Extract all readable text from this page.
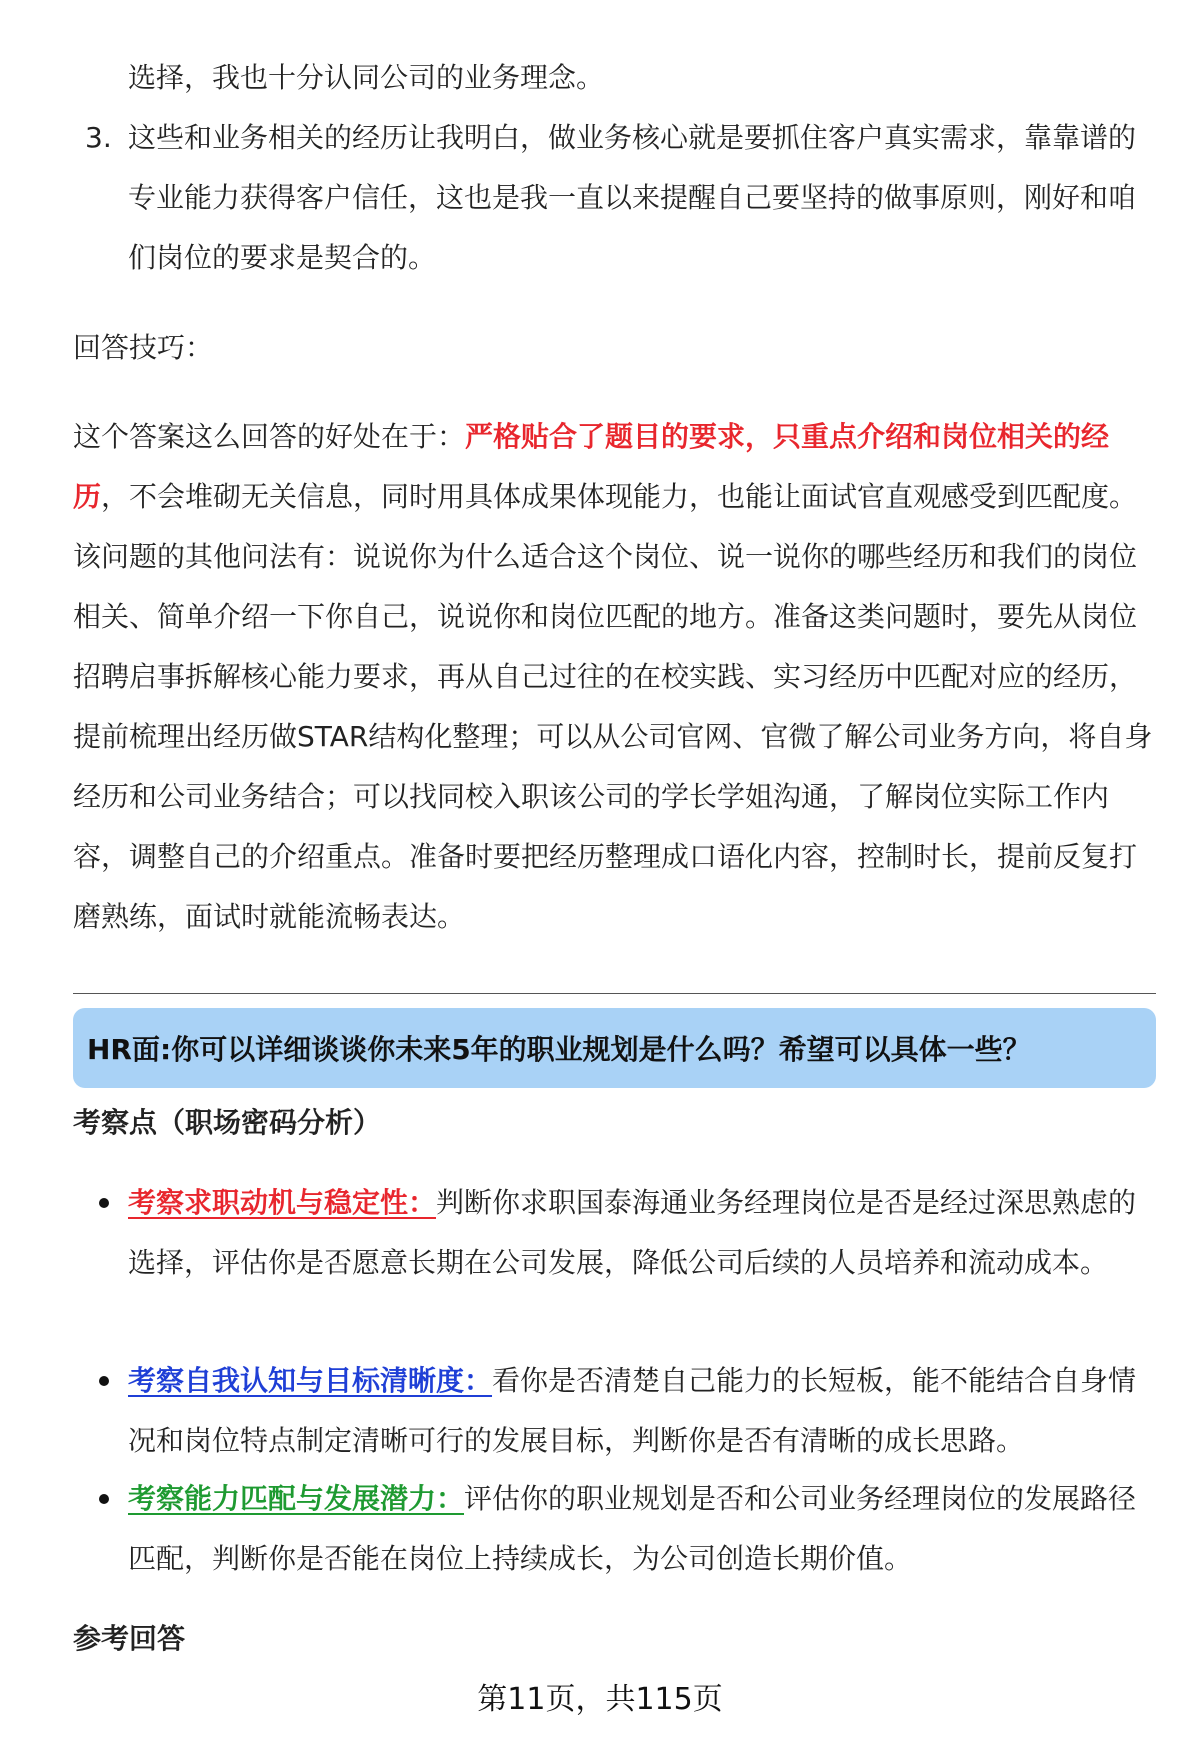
选择，我也十分认同公司的业务理念。
3. 这些和业务相关的经历让我明白，做业务核心就是要抓住客户真实需求，靠靠谱的专业能力获得客户信任，这也是我一直以来提醒自己要坚持的做事原则，刚好和咱们岗位的要求是契合的。
回答技巧：

这个答案这么回答的好处在于：严格贴合了题目的要求，只重点介绍和岗位相关的经历，不会堆砌无关信息，同时用具体成果体现能力，也能让面试官直观感受到匹配度。该问题的其他问法有：说说你为什么适合这个岗位、说一说你的哪些经历和我们的岗位相关、简单介绍一下你自己，说说你和岗位匹配的地方。准备这类问题时，要先从岗位招聘启事拆解核心能力要求，再从自己过往的在校实践、实习经历中匹配对应的经历，提前梳理出经历做STAR结构化整理；可以从公司官网、官微了解公司业务方向，将自身经历和公司业务结合；可以找同校入职该公司的学长学姐沟通，了解岗位实际工作内容，调整自己的介绍重点。准备时要把经历整理成口语化内容，控制时长，提前反复打磨熟练，面试时就能流畅表达。

HR面:你可以详细谈谈你未来5年的职业规划是什么吗？希望可以具体一些？
考察点（职场密码分析）
考察求职动机与稳定性：判断你求职国泰海通业务经理岗位是否是经过深思熟虑的选择，评估你是否愿意长期在公司发展，降低公司后续的人员培养和流动成本。
考察自我认知与目标清晰度：看你是否清楚自己能力的长短板，能不能结合自身情况和岗位特点制定清晰可行的发展目标，判断你是否有清晰的成长思路。
考察能力匹配与发展潜力：评估你的职业规划是否和公司业务经理岗位的发展路径匹配，判断你是否能在岗位上持续成长，为公司创造长期价值。
参考回答
第11页，共115页
